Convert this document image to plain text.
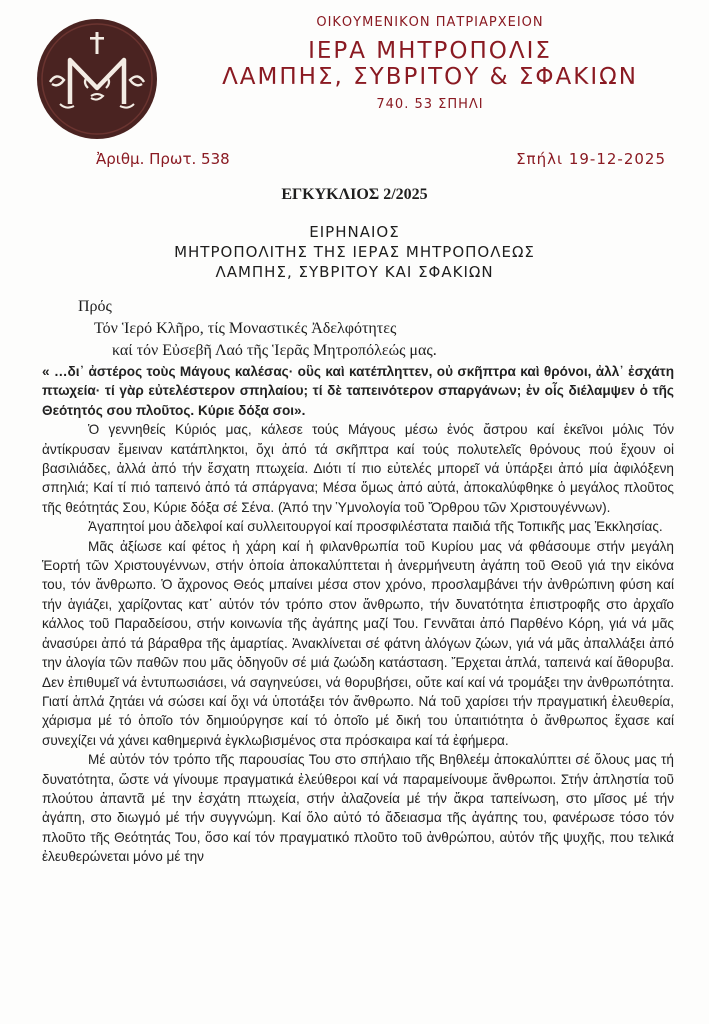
ΟΙΚΟΥΜΕΝΙΚΟΝ ΠΑΤΡΙΑΡΧΕΙΟΝ
ΙΕΡΑ ΜΗΤΡΟΠΟΛΙΣ
ΛΑΜΠΗΣ, ΣΥΒΡΙΤΟΥ & ΣΦΑΚΙΩΝ
740. 53 ΣΠΗΛΙ
Ἀριθμ. Πρωτ. 538	Σπήλι 19-12-2025
ΕΓΚΥΚΛΙΟΣ 2/2025
ΕΙΡΗΝΑΙΟΣ
ΜΗΤΡΟΠΟΛΙΤΗΣ ΤΗΣ ΙΕΡΑΣ ΜΗΤΡΟΠΟΛΕΩΣ
ΛΑΜΠΗΣ, ΣΥΒΡΙΤΟΥ ΚΑΙ ΣΦΑΚΙΩΝ
Πρός
Τόν Ἱερό Κλῆρο, τίς Μοναστικές Ἀδελφότητες
καί τόν Εὐσεβῆ Λαό τῆς Ἱερᾶς Μητροπόλεώς μας.

« …δι᾽ ἀστέρος τοὺς Μάγους καλέσας· οὓς καὶ κατέπληττεν, οὐ σκῆπτρα καὶ θρόνοι, ἀλλ᾽ ἐσχάτη πτωχεία· τί γὰρ εὐτελέστερον σπηλαίου; τί δὲ ταπεινότερον σπαργάνων; ἐν οἷς διέλαμψεν ὁ τῆς Θεότητός σου πλοῦτος. Κύριε δόξα σοι».

Ὁ γεννηθείς Κύριός μας, κάλεσε τούς Μάγους μέσω ἑνός ἄστρου καί ἐκεῖνοι μόλις Τόν ἀντίκρυσαν ἔμειναν κατάπληκτοι, ὄχι ἀπό τά σκῆπτρα καί τούς πολυτελεῖς θρόνους πού ἔχουν οἱ βασιλιάδες, ἀλλά ἀπό τήν ἔσχατη πτωχεία. Διότι τί πιο εὐτελές μπορεῖ νά ὑπάρξει ἀπό μία ἀφιλόξενη σπηλιά; Καί τί πιό ταπεινό ἀπό τά σπάργανα; Μέσα ὅμως ἀπό αὐτά, ἀποκαλύφθηκε ὁ μεγάλος πλοῦτος τῆς θεότητάς Σου, Κύριε δόξα σέ Σένα. (Ἀπό την Ὑμνολογία τοῦ Ὄρθρου τῶν Χριστουγέννων).

Ἀγαπητοί μου ἀδελφοί καί συλλειτουργοί καί προσφιλέστατα παιδιά τῆς Τοπικῆς μας Ἐκκλησίας.

Μᾶς ἀξίωσε καί φέτος ἡ χάρη καί ἡ φιλανθρωπία τοῦ Κυρίου μας νά φθάσουμε στήν μεγάλη Ἑορτή τῶν Χριστουγέννων, στήν ὁποία ἀποκαλύπτεται ἡ ἀνερμήνευτη ἀγάπη τοῦ Θεοῦ γιά την εἰκόνα του, τόν ἄνθρωπο. Ὁ ἄχρονος Θεός μπαίνει μέσα στον χρόνο, προσλαμβάνει τήν ἀνθρώπινη φύση καί τήν ἁγιάζει, χαρίζοντας κατ᾽ αὐτόν τόν τρόπο στον ἄνθρωπο, τήν δυνατότητα ἐπιστροφῆς στο ἀρχαῖο κάλλος τοῦ Παραδείσου, στήν κοινωνία τῆς ἀγάπης μαζί Του. Γεννᾶται ἀπό Παρθένο Κόρη, γιά νά μᾶς ἀνασύρει ἀπό τά βάραθρα τῆς ἁμαρτίας. Ἀνακλίνεται σέ φάτνη ἀλόγων ζώων, γιά νά μᾶς ἀπαλλάξει ἀπό την ἀλογία τῶν παθῶν που μᾶς ὁδηγοῦν σέ μιά ζωώδη κατάσταση. Ἔρχεται ἁπλά, ταπεινά καί ἄθορυβα. Δεν ἐπιθυμεῖ νά ἐντυπωσιάσει, νά σαγηνεύσει, νά θορυβήσει, οὔτε καί καί νά τρομάξει την ἀνθρωπότητα. Γιατί ἁπλά ζητάει νά σώσει καί ὄχι νά ὑποτάξει τόν ἄνθρωπο. Νά τοῦ χαρίσει τήν πραγματική ἐλευθερία, χάρισμα μέ τό ὁποῖο τόν δημιούργησε καί τό ὁποῖο μέ δική του ὑπαιτιότητα ὁ ἄνθρωπος ἔχασε καί συνεχίζει νά χάνει καθημερινά ἐγκλωβισμένος στα πρόσκαιρα καί τά ἐφήμερα.

Μέ αὐτόν τόν τρόπο τῆς παρουσίας Του στο σπήλαιο τῆς Βηθλεέμ ἀποκαλύπτει σέ ὅλους μας τή δυνατότητα, ὥστε νά γίνουμε πραγματικά ἐλεύθεροι καί νά παραμείνουμε ἄνθρωποι. Στήν ἀπληστία τοῦ πλούτου ἀπαντᾶ μέ την ἐσχάτη πτωχεία, στήν ἀλαζονεία μέ τήν ἄκρα ταπείνωση, στο μῖσος μέ τήν ἀγάπη, στο διωγμό μέ τήν συγγνώμη. Καί ὅλο αὐτό τό ἄδειασμα τῆς ἀγάπης του, φανέρωσε τόσο τόν πλοῦτο τῆς Θεότητάς Του, ὅσο καί τόν πραγματικό πλοῦτο τοῦ ἀνθρώπου, αὐτόν τῆς ψυχῆς, που τελικά ἐλευθερώνεται μόνο μέ την
